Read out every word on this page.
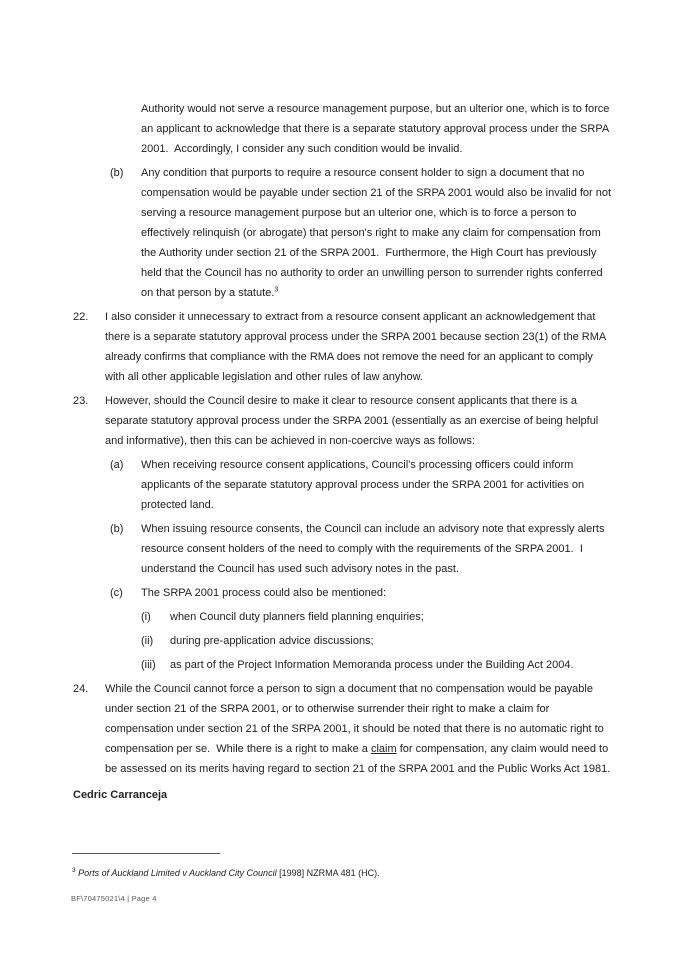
Authority would not serve a resource management purpose, but an ulterior one, which is to force an applicant to acknowledge that there is a separate statutory approval process under the SRPA 2001.  Accordingly, I consider any such condition would be invalid.

(b)	Any condition that purports to require a resource consent holder to sign a document that no compensation would be payable under section 21 of the SRPA 2001 would also be invalid for not serving a resource management purpose but an ulterior one, which is to force a person to effectively relinquish (or abrogate) that person's right to make any claim for compensation from the Authority under section 21 of the SRPA 2001.  Furthermore, the High Court has previously held that the Council has no authority to order an unwilling person to surrender rights conferred on that person by a statute.$^3$

22.	I also consider it unnecessary to extract from a resource consent applicant an acknowledgement that there is a separate statutory approval process under the SRPA 2001 because section 23(1) of the RMA already confirms that compliance with the RMA does not remove the need for an applicant to comply with all other applicable legislation and other rules of law anyhow.

23.	However, should the Council desire to make it clear to resource consent applicants that there is a separate statutory approval process under the SRPA 2001 (essentially as an exercise of being helpful and informative), then this can be achieved in non-coercive ways as follows:

(a)	When receiving resource consent applications, Council's processing officers could inform applicants of the separate statutory approval process under the SRPA 2001 for activities on protected land.

(b)	When issuing resource consents, the Council can include an advisory note that expressly alerts resource consent holders of the need to comply with the requirements of the SRPA 2001.  I understand the Council has used such advisory notes in the past.

(c)	The SRPA 2001 process could also be mentioned:

(i)	when Council duty planners field planning enquiries;

(ii)	during pre-application advice discussions;

(iii)	as part of the Project Information Memoranda process under the Building Act 2004.

24.	While the Council cannot force a person to sign a document that no compensation would be payable under section 21 of the SRPA 2001, or to otherwise surrender their right to make a claim for compensation under section 21 of the SRPA 2001, it should be noted that there is no automatic right to compensation per se.  While there is a right to make a claim for compensation, any claim would need to be assessed on its merits having regard to section 21 of the SRPA 2001 and the Public Works Act 1981.

Cedric Carranceja

$^3$ Ports of Auckland Limited v Auckland City Council [1998] NZRMA 481 (HC).

BF\70475021\4 | Page 4
